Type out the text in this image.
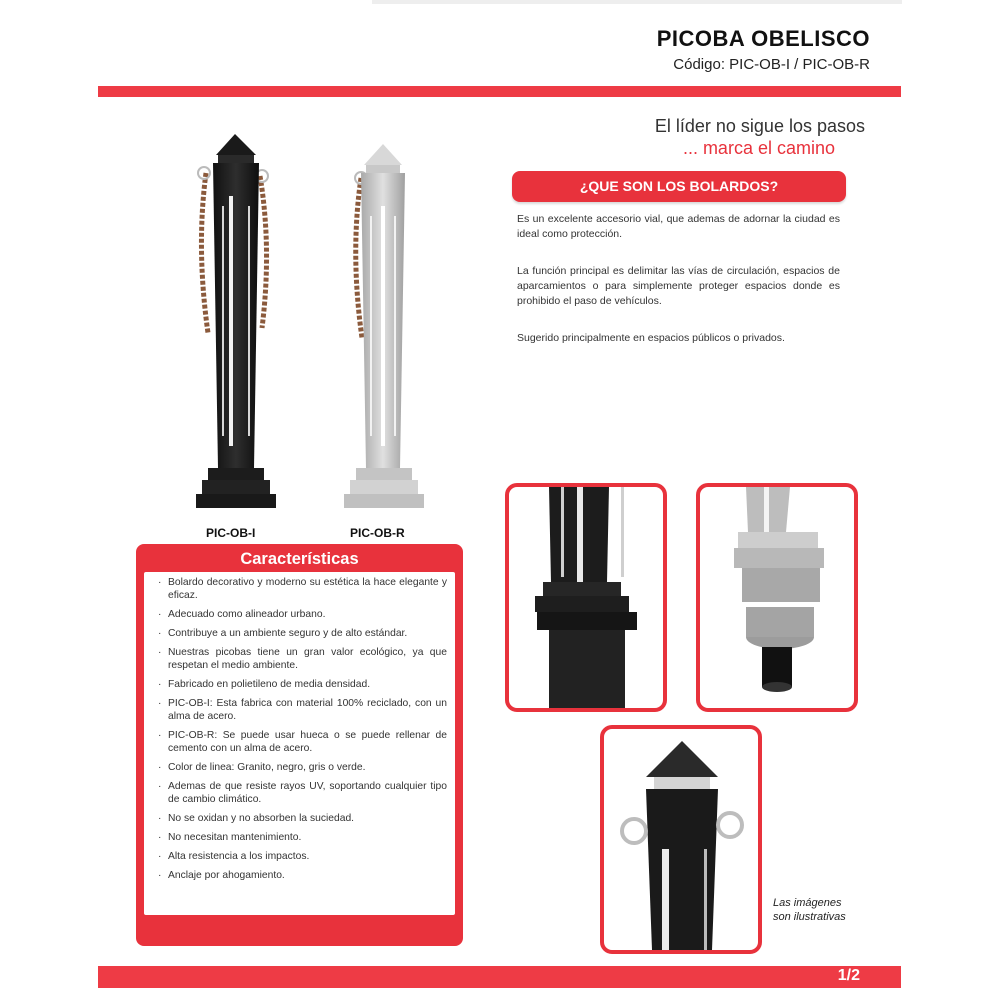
PICOBA OBELISCO
Código: PIC-OB-I / PIC-OB-R
El líder no sigue los pasos
... marca el camino
¿QUE SON LOS BOLARDOS?

Es un excelente accesorio vial, que ademas de adornar la ciudad es ideal como protección.

La función principal es delimitar las vías de circulación, espacios de aparcamientos o para simplemente proteger espacios donde es prohibido el paso de vehículos.

Sugerido principalmente en espacios públicos o privados.

PIC-OB-I	PIC-OB-R
Características
· Bolardo decorativo y moderno su estética la hace elegante y eficaz.
· Adecuado como alineador urbano.
· Contribuye a un ambiente seguro y de alto estándar.
· Nuestras picobas tiene un gran valor ecológico, ya que respetan el medio ambiente.
· Fabricado en polietileno de media densidad.
· PIC-OB-I: Esta fabrica con material 100% reciclado, con un alma de acero.
· PIC-OB-R: Se puede usar hueca o se puede rellenar de cemento con un alma de acero.
· Color de linea: Granito, negro, gris o verde.
· Ademas de que resiste rayos UV, soportando cualquier tipo de cambio climático.
· No se oxidan y no absorben la suciedad.
· No necesitan mantenimiento.
· Alta resistencia a los impactos.
· Anclaje por ahogamiento.
Las imágenes
son ilustrativas
1/2
